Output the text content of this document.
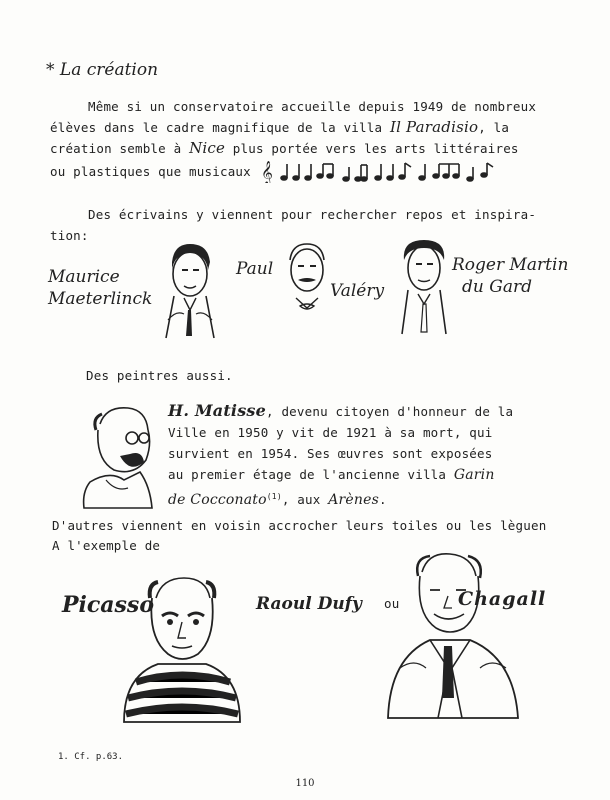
* La création
Même si un conservatoire accueille depuis 1949 de nombreux
élèves dans le cadre magnifique de la villa Il Paradisio, la
création semble à Nice plus portée vers les arts littéraires
ou plastiques que musicaux 𝄞
Des écrivains y viennent pour rechercher repos et inspira-
tion:
Maurice
Maeterlinck
Paul
Valéry
Roger Martin
du Gard
Des peintres aussi.
H. Matisse, devenu citoyen d'honneur de la
Ville en 1950 y vit de 1921 à sa mort, qui
survient en 1954. Ses œuvres sont exposées
au premier étage de l'ancienne villa Garin
de Cocconato$^{(1)}$, aux Arènes.
D'autres viennent en voisin accrocher leurs toiles ou les lèguen
A l'exemple de
Picasso	Raoul Dufy ou	Chagall
1. Cf. p.63.
110
